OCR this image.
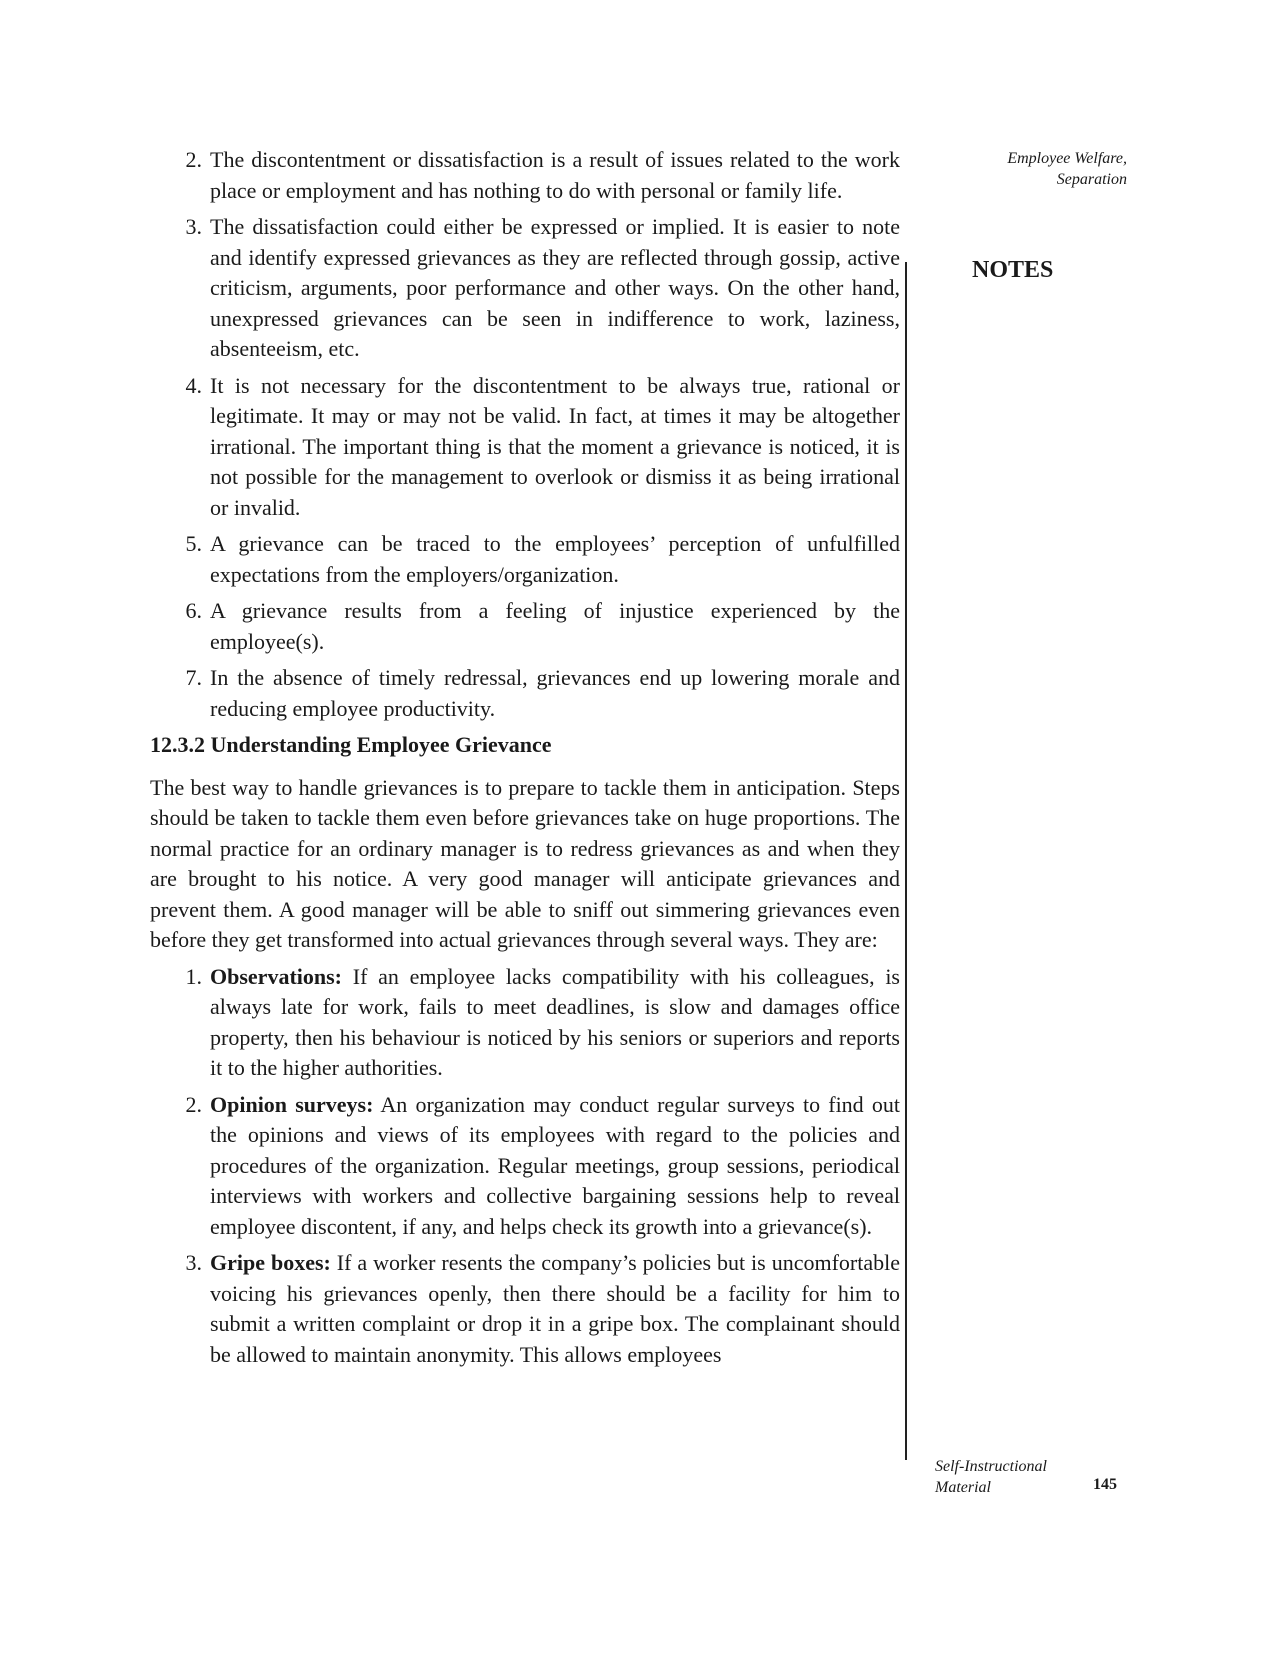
Employee Welfare,
Separation
NOTES
2. The discontentment or dissatisfaction is a result of issues related to the work place or employment and has nothing to do with personal or family life.
3. The dissatisfaction could either be expressed or implied. It is easier to note and identify expressed grievances as they are reflected through gossip, active criticism, arguments, poor performance and other ways. On the other hand, unexpressed grievances can be seen in indifference to work, laziness, absenteeism, etc.
4. It is not necessary for the discontentment to be always true, rational or legitimate. It may or may not be valid. In fact, at times it may be altogether irrational. The important thing is that the moment a grievance is noticed, it is not possible for the management to overlook or dismiss it as being irrational or invalid.
5. A grievance can be traced to the employees’ perception of unfulfilled expectations from the employers/organization.
6. A grievance results from a feeling of injustice experienced by the employee(s).
7. In the absence of timely redressal, grievances end up lowering morale and reducing employee productivity.
12.3.2 Understanding Employee Grievance

The best way to handle grievances is to prepare to tackle them in anticipation. Steps should be taken to tackle them even before grievances take on huge proportions. The normal practice for an ordinary manager is to redress grievances as and when they are brought to his notice. A very good manager will anticipate grievances and prevent them. A good manager will be able to sniff out simmering grievances even before they get transformed into actual grievances through several ways. They are:

1. Observations: If an employee lacks compatibility with his colleagues, is always late for work, fails to meet deadlines, is slow and damages office property, then his behaviour is noticed by his seniors or superiors and reports it to the higher authorities.
2. Opinion surveys: An organization may conduct regular surveys to find out the opinions and views of its employees with regard to the policies and procedures of the organization. Regular meetings, group sessions, periodical interviews with workers and collective bargaining sessions help to reveal employee discontent, if any, and helps check its growth into a grievance(s).
3. Gripe boxes: If a worker resents the company’s policies but is uncomfortable voicing his grievances openly, then there should be a facility for him to submit a written complaint or drop it in a gripe box. The complainant should be allowed to maintain anonymity. This allows employees
Self-Instructional
Material	145
